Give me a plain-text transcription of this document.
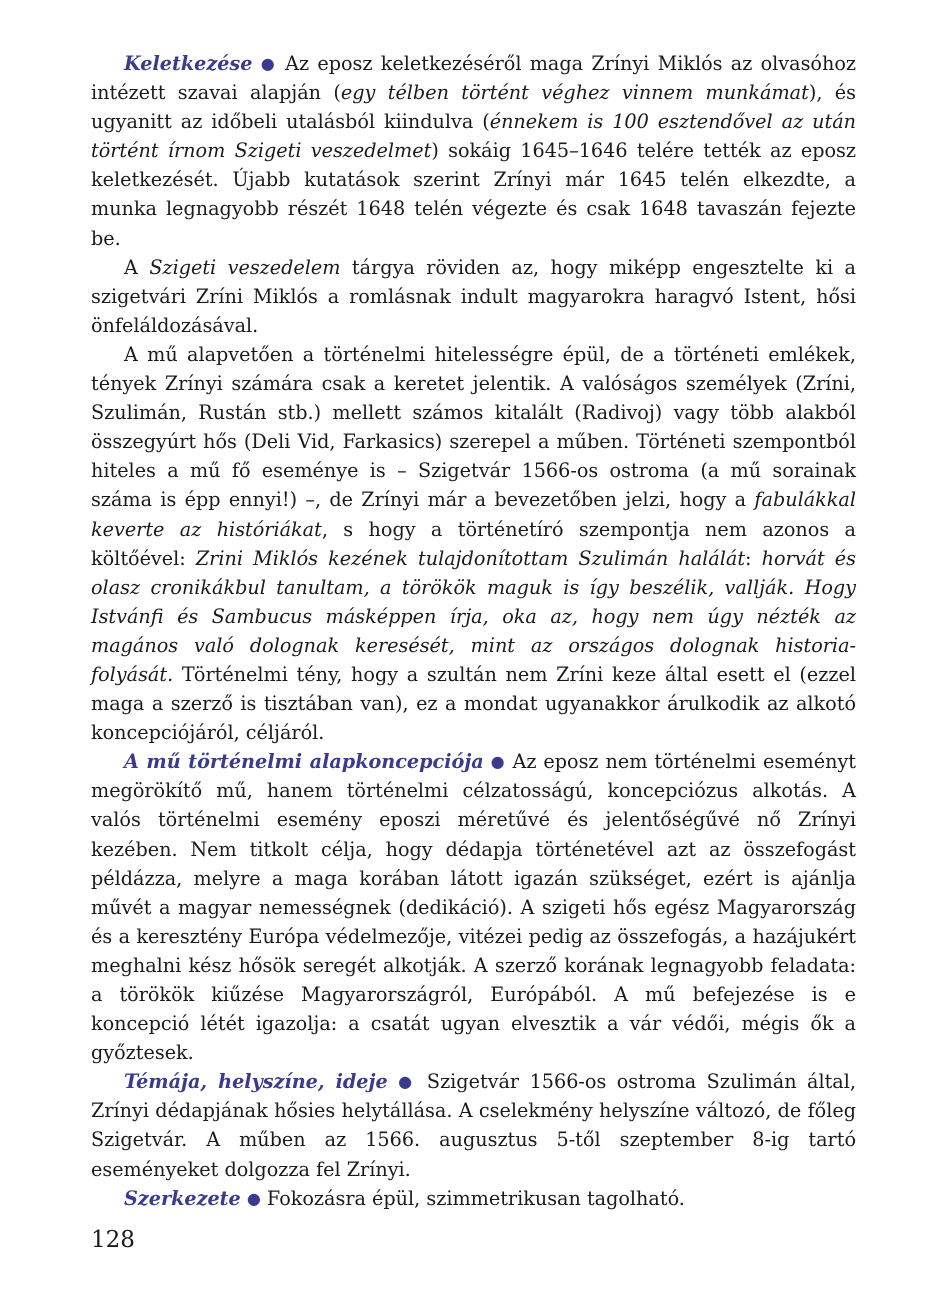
Keletkezése ● Az eposz keletkezéséről maga Zrínyi Miklós az olvasóhoz intézett szavai alapján (egy télben történt véghez vinnem munkámat), és ugyanitt az időbeli utalásból kiindulva (énnekem is 100 esztendővel az után történt írnom Szigeti veszedelmet) sokáig 1645–1646 telére tették az eposz keletkezését. Újabb kutatások szerint Zrínyi már 1645 telén elkezdte, a munka legnagyobb részét 1648 telén végezte és csak 1648 tavaszán fejezte be.

A Szigeti veszedelem tárgya röviden az, hogy miképp engesztelte ki a szigetvári Zríni Miklós a romlásnak indult magyarokra haragvó Istent, hősi önfeláldozásával.

A mű alapvetően a történelmi hitelességre épül, de a történeti emlékek, tények Zrínyi számára csak a keretet jelentik. A valóságos személyek (Zríni, Szulimán, Rustán stb.) mellett számos kitalált (Radivoj) vagy több alakból összegyúrt hős (Deli Vid, Farkasics) szerepel a műben. Történeti szempontból hiteles a mű fő eseménye is – Szigetvár 1566-os ostroma (a mű sorainak száma is épp ennyi!) –, de Zrínyi már a bevezetőben jelzi, hogy a fabulákkal keverte az históriákat, s hogy a történetíró szempontja nem azonos a költőével: Zrini Miklós kezének tulajdonítottam Szulimán halálát: horvát és olasz cronikákbul tanultam, a törökök maguk is így beszélik, vallják. Hogy Istvánfi és Sambucus másképpen írja, oka az, hogy nem úgy nézték az magános való dolognak keresését, mint az országos dolognak historia-folyását. Történelmi tény, hogy a szultán nem Zríni keze által esett el (ezzel maga a szerző is tisztában van), ez a mondat ugyanakkor árulkodik az alkotó koncepciójáról, céljáról.

A mű történelmi alapkoncepciója ● Az eposz nem történelmi eseményt megörökítő mű, hanem történelmi célzatosságú, koncepciózus alkotás. A valós történelmi esemény eposzi méretűvé és jelentőségűvé nő Zrínyi kezében. Nem titkolt célja, hogy dédapja történetével azt az összefogást példázza, melyre a maga korában látott igazán szükséget, ezért is ajánlja művét a magyar nemességnek (dedikáció). A szigeti hős egész Magyarország és a keresztény Európa védelmezője, vitézei pedig az összefogás, a hazájukért meghalni kész hősök seregét alkotják. A szerző korának legnagyobb feladata: a törökök kiűzése Magyarországról, Európából. A mű befejezése is e koncepció létét igazolja: a csatát ugyan elvesztik a vár védői, mégis ők a győztesek.

Témája, helyszíne, ideje ● Szigetvár 1566-os ostroma Szulimán által, Zrínyi dédapjának hősies helytállása. A cselekmény helyszíne változó, de főleg Szigetvár. A műben az 1566. augusztus 5-től szeptember 8-ig tartó eseményeket dolgozza fel Zrínyi.

Szerkezete ● Fokozásra épül, szimmetrikusan tagolható.

128
